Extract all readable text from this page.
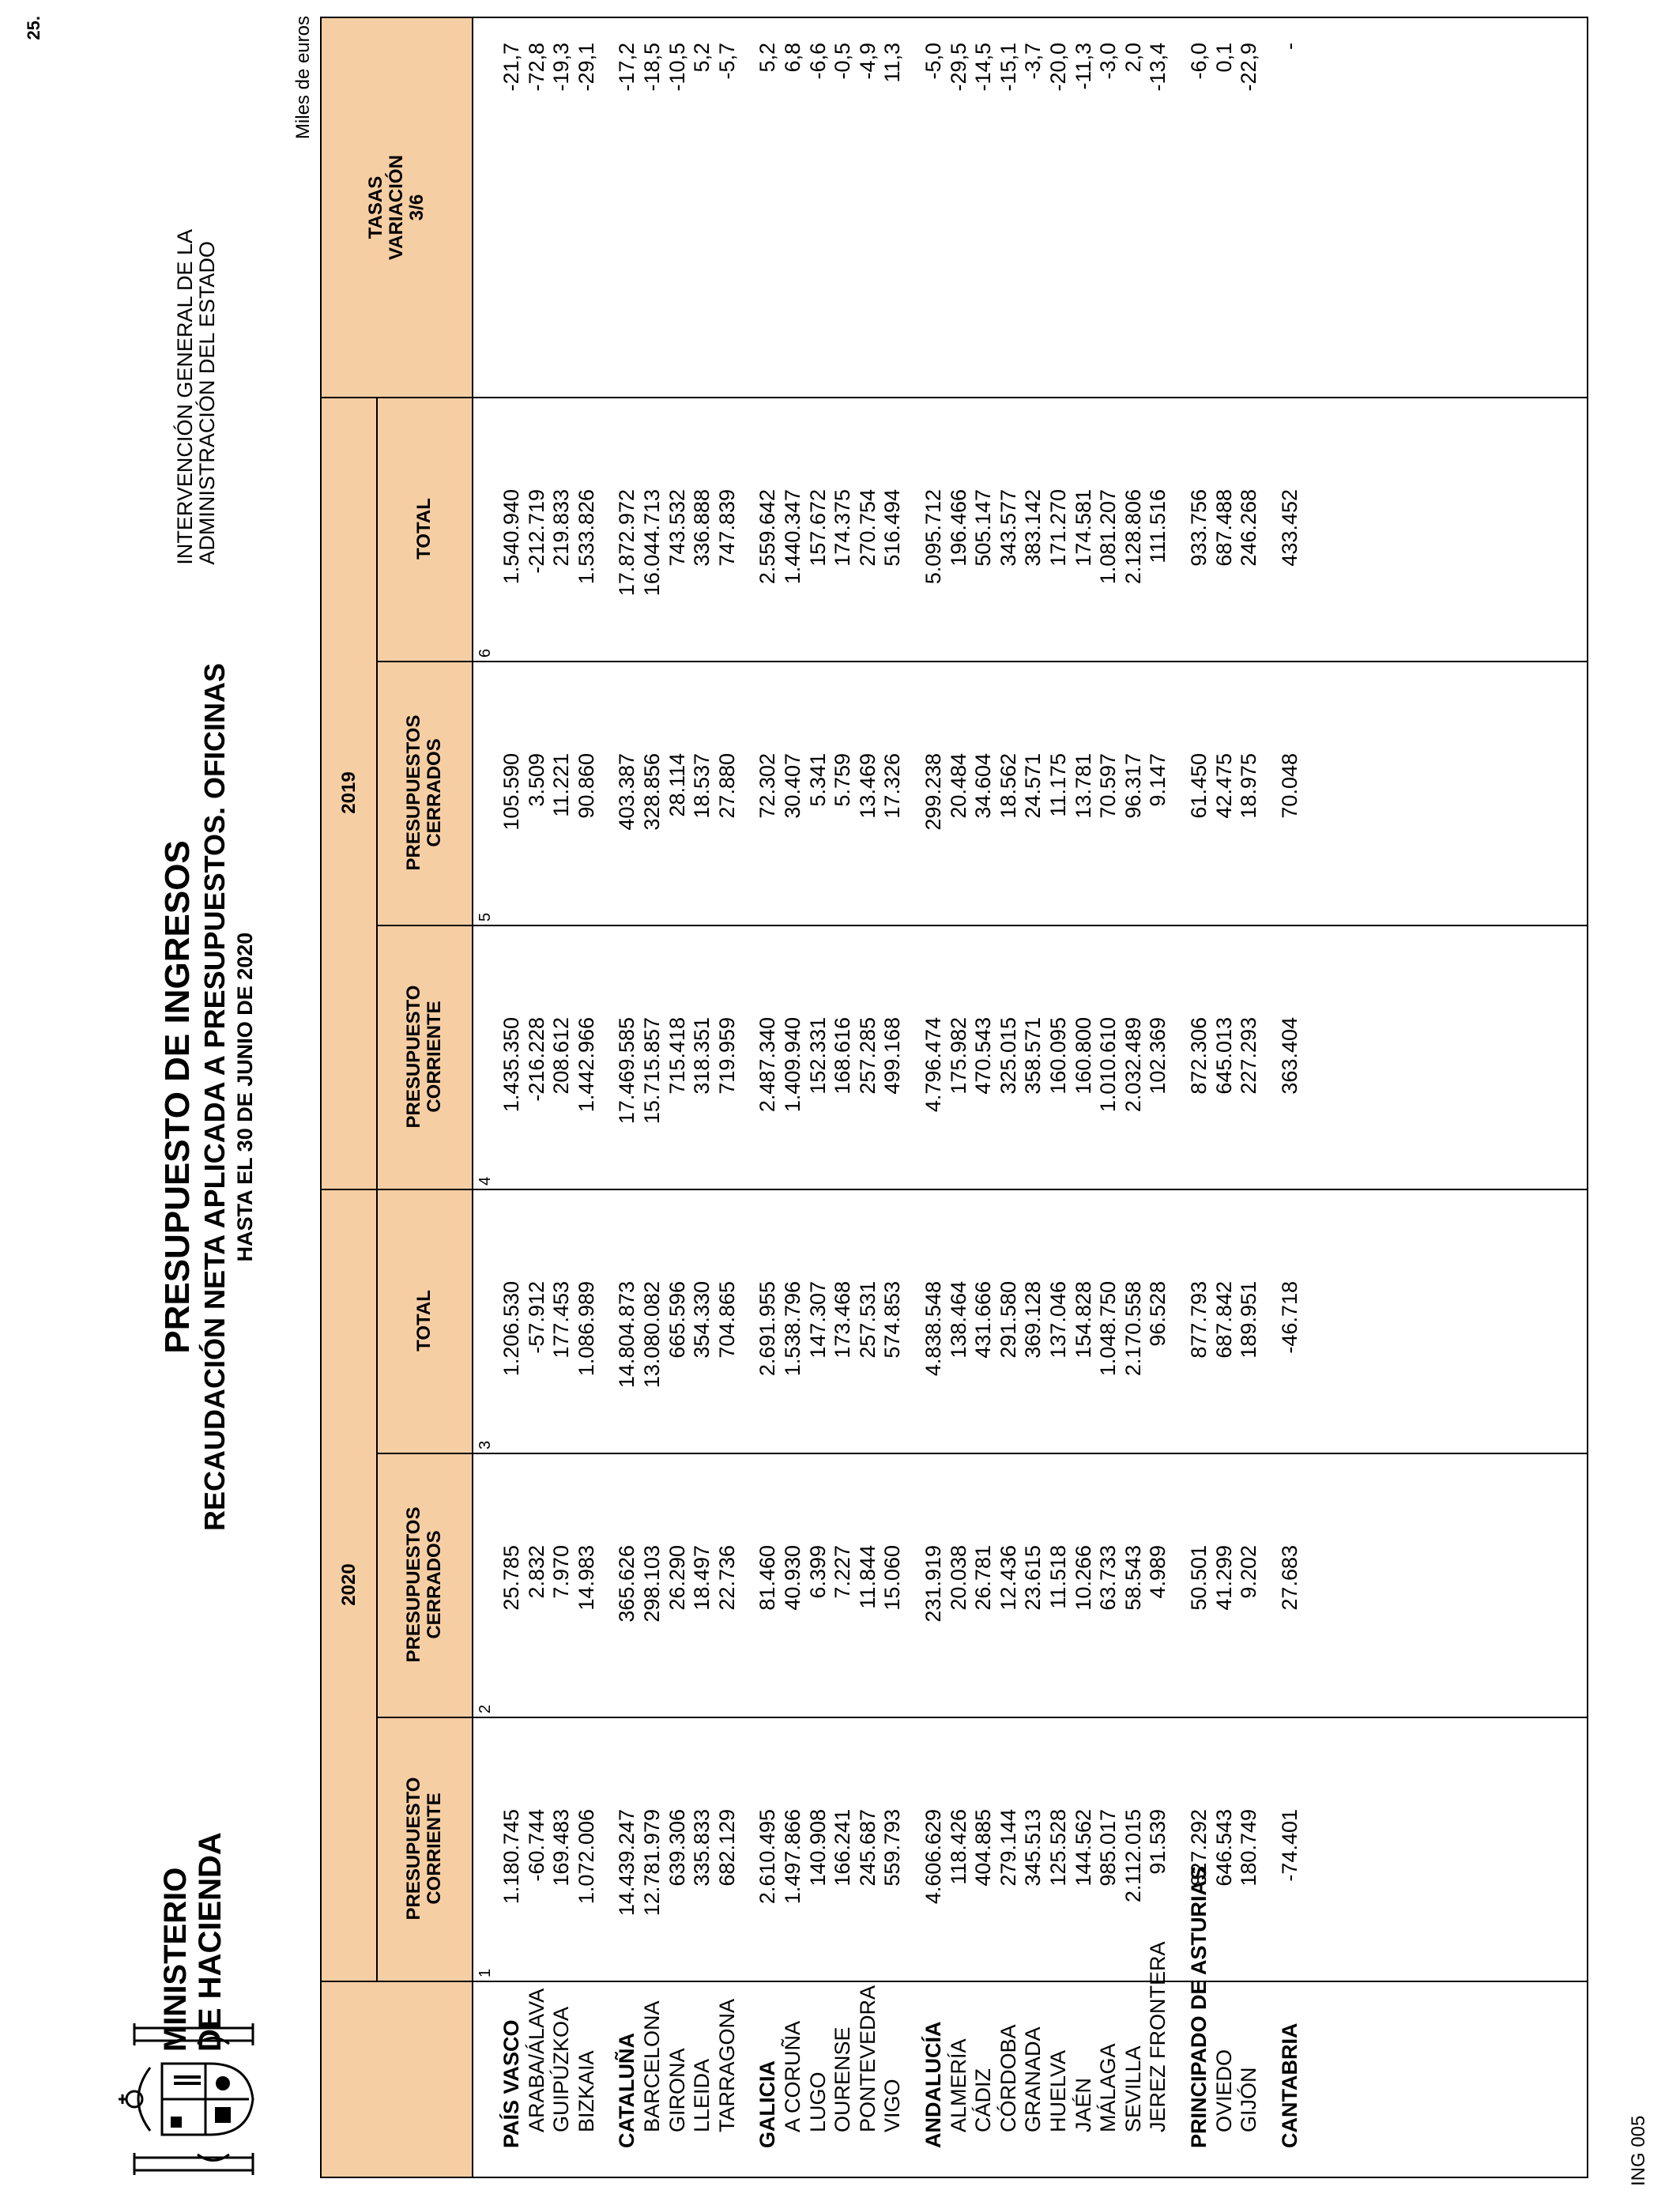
25.
MINISTERIO DE HACIENDA
PRESUPUESTO DE INGRESOS RECAUDACIÓN NETA APLICADA A PRESUPUESTOS. OFICINAS HASTA EL 30 DE JUNIO DE 2020
INTERVENCIÓN GENERAL DE LA
ADMINISTRACIÓN DEL ESTADO
Miles de euros
2020
2019
PRESUPUESTO CORRIENTE
PRESUPUESTOS CERRADOS
TOTAL
PRESUPUESTO CORRIENTE
PRESUPUESTOS CERRADOS
TOTAL
TASAS VARIACIÓN 3/6
1
2
3
4
5
6
PAÍS VASCO
1.180.745
25.785
1.206.530
1.435.350
105.590
1.540.940
-21,7
ARABA/ÁLAVA
-60.744
2.832
-57.912
-216.228
3.509
-212.719
-72,8
GUIPÚZKOA
169.483
7.970
177.453
208.612
11.221
219.833
-19,3
BIZKAIA
1.072.006
14.983
1.086.989
1.442.966
90.860
1.533.826
-29,1
CATALUÑA
14.439.247
365.626
14.804.873
17.469.585
403.387
17.872.972
-17,2
BARCELONA
12.781.979
298.103
13.080.082
15.715.857
328.856
16.044.713
-18,5
GIRONA
639.306
26.290
665.596
715.418
28.114
743.532
-10,5
LLEIDA
335.833
18.497
354.330
318.351
18.537
336.888
5,2
TARRAGONA
682.129
22.736
704.865
719.959
27.880
747.839
-5,7
GALICIA
2.610.495
81.460
2.691.955
2.487.340
72.302
2.559.642
5,2
A CORUÑA
1.497.866
40.930
1.538.796
1.409.940
30.407
1.440.347
6,8
LUGO
140.908
6.399
147.307
152.331
5.341
157.672
-6,6
OURENSE
166.241
7.227
173.468
168.616
5.759
174.375
-0,5
PONTEVEDRA
245.687
11.844
257.531
257.285
13.469
270.754
-4,9
VIGO
559.793
15.060
574.853
499.168
17.326
516.494
11,3
ANDALUCÍA
4.606.629
231.919
4.838.548
4.796.474
299.238
5.095.712
-5,0
ALMERÍA
118.426
20.038
138.464
175.982
20.484
196.466
-29,5
CÁDIZ
404.885
26.781
431.666
470.543
34.604
505.147
-14,5
CÓRDOBA
279.144
12.436
291.580
325.015
18.562
343.577
-15,1
GRANADA
345.513
23.615
369.128
358.571
24.571
383.142
-3,7
HUELVA
125.528
11.518
137.046
160.095
11.175
171.270
-20,0
JAÉN
144.562
10.266
154.828
160.800
13.781
174.581
-11,3
MÁLAGA
985.017
63.733
1.048.750
1.010.610
70.597
1.081.207
-3,0
SEVILLA
2.112.015
58.543
2.170.558
2.032.489
96.317
2.128.806
2,0
JEREZ FRONTERA
91.539
4.989
96.528
102.369
9.147
111.516
-13,4
PRINCIPADO DE ASTURIAS
827.292
50.501
877.793
872.306
61.450
933.756
-6,0
OVIEDO
646.543
41.299
687.842
645.013
42.475
687.488
0,1
GIJÓN
180.749
9.202
189.951
227.293
18.975
246.268
-22,9
CANTABRIA
-74.401
27.683
-46.718
363.404
70.048
433.452
-
ING 005
